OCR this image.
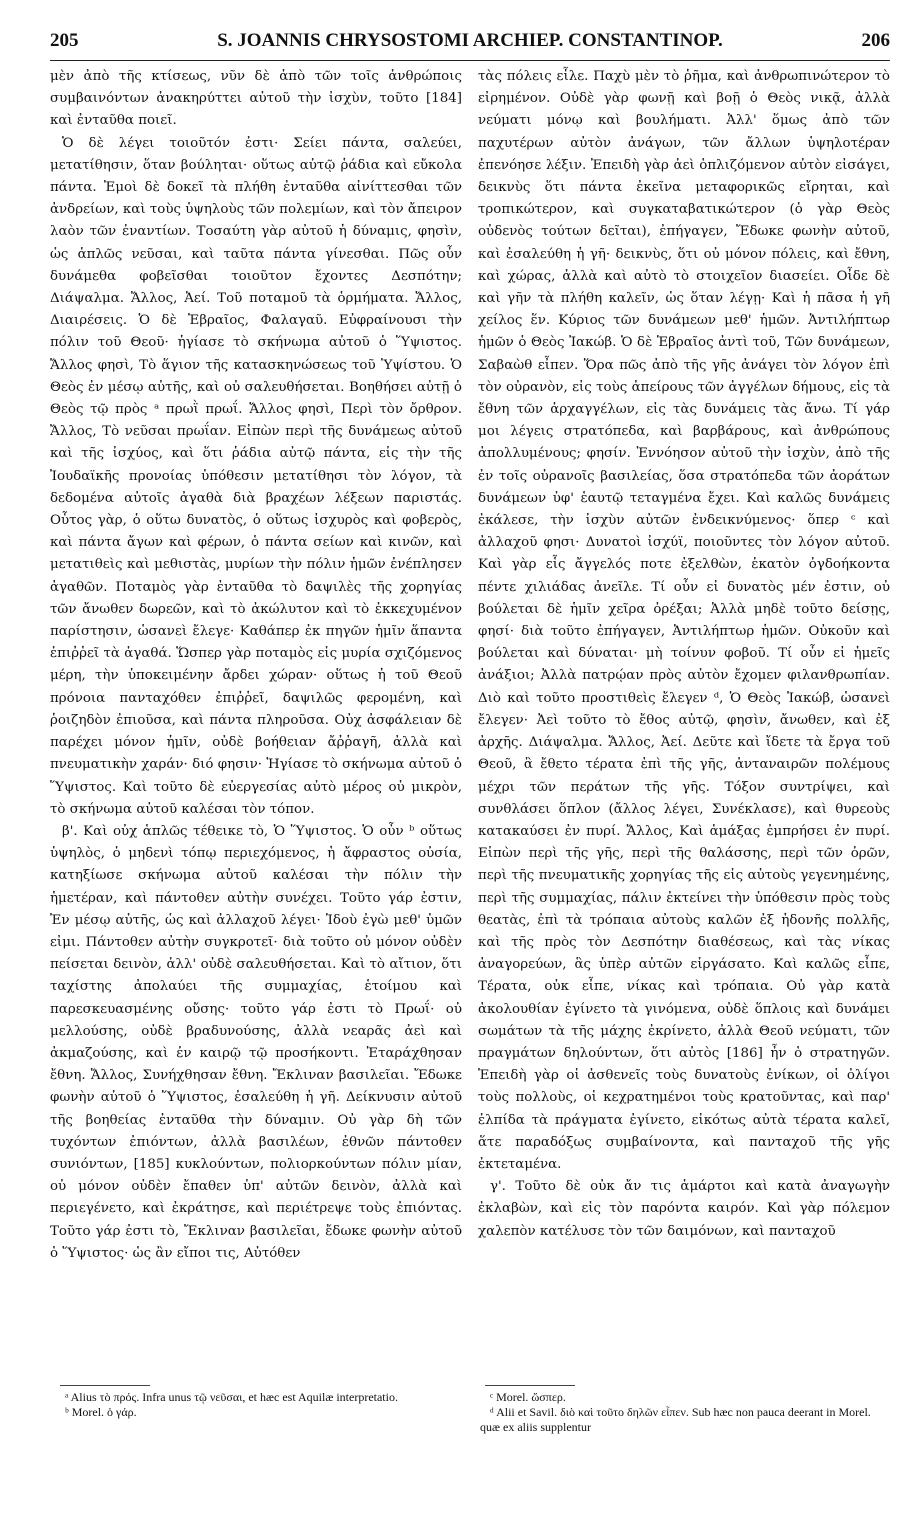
205	S. JOANNIS CHRYSOSTOMI ARCHIEP. CONSTANTINOP.	206

μὲν ἀπὸ τῆς κτίσεως, νῦν δὲ ἀπὸ τῶν τοῖς ἀνθρώποις συμβαινόντων ἀνακηρύττει αὐτοῦ τὴν ἰσχὺν, τοῦτο [184] καὶ ἐνταῦθα ποιεῖ.

Ὁ δὲ λέγει τοιοῦτόν ἐστι· Σείει πάντα, σαλεύει, μετατίθησιν, ὅταν βούληται· οὕτως αὐτῷ ῥάδια καὶ εὔκολα πάντα. Ἐμοὶ δὲ δοκεῖ τὰ πλήθη ἐνταῦθα αἰνίττεσθαι τῶν ἀνδρείων, καὶ τοὺς ὑψηλοὺς τῶν πολεμίων, καὶ τὸν ἄπειρον λαὸν τῶν ἐναντίων. Τοσαύτη γὰρ αὐτοῦ ἡ δύναμις, φησὶν, ὡς ἁπλῶς νεῦσαι, καὶ ταῦτα πάντα γίνεσθαι. Πῶς οὖν δυνάμεθα φοβεῖσθαι τοιοῦτον ἔχοντες Δεσπότην; Διάψαλμα. Ἄλλος, Ἀεί. Τοῦ ποταμοῦ τὰ ὁρμήματα. Ἄλλος, Διαιρέσεις. Ὁ δὲ Ἑβραῖος, Φαλαγαῦ. Εὐφραίνουσι τὴν πόλιν τοῦ Θεοῦ· ἡγίασε τὸ σκήνωμα αὐτοῦ ὁ Ὕψιστος. Ἄλλος φησὶ, Τὸ ἅγιον τῆς κατασκηνώσεως τοῦ Ὑψίστου. Ὁ Θεὸς ἐν μέσῳ αὐτῆς, καὶ οὐ σαλευθήσεται. Βοηθήσει αὐτῇ ὁ Θεὸς τῷ πρὸς ᵃ πρωῒ πρωΐ. Ἄλλος φησὶ, Περὶ τὸν ὄρθρον. Ἄλλος, Τὸ νεῦσαι πρωΐαν. Εἰπὼν περὶ τῆς δυνάμεως αὐτοῦ καὶ τῆς ἰσχύος, καὶ ὅτι ῥάδια αὐτῷ πάντα, εἰς τὴν τῆς Ἰουδαϊκῆς προνοίας ὑπόθεσιν μετατίθησι τὸν λόγον, τὰ δεδομένα αὐτοῖς ἀγαθὰ διὰ βραχέων λέξεων παριστάς. Οὗτος γὰρ, ὁ οὕτω δυνατὸς, ὁ οὕτως ἰσχυρὸς καὶ φοβερὸς, καὶ πάντα ἄγων καὶ φέρων, ὁ πάντα σείων καὶ κινῶν, καὶ μετατιθεὶς καὶ μεθιστὰς, μυρίων τὴν πόλιν ἡμῶν ἐνέπλησεν ἀγαθῶν. Ποταμὸς γὰρ ἐνταῦθα τὸ δαψιλὲς τῆς χορηγίας τῶν ἄνωθεν δωρεῶν, καὶ τὸ ἀκώλυτον καὶ τὸ ἐκκεχυμένον παρίστησιν, ὡσανεὶ ἔλεγε· Καθάπερ ἐκ πηγῶν ἡμῖν ἅπαντα ἐπιῤῥεῖ τὰ ἀγαθά. Ὥσπερ γὰρ ποταμὸς εἰς μυρία σχιζόμενος μέρη, τὴν ὑποκειμένην ἄρδει χώραν· οὕτως ἡ τοῦ Θεοῦ πρόνοια πανταχόθεν ἐπιῤῥεῖ, δαψιλῶς φερομένη, καὶ ῥοιζηδὸν ἐπιοῦσα, καὶ πάντα πληροῦσα. Οὐχ ἀσφάλειαν δὲ παρέχει μόνον ἡμῖν, οὐδὲ βοήθειαν ἄῤῥαγῆ, ἀλλὰ καὶ πνευματικὴν χαράν· διό φησιν· Ἡγίασε τὸ σκήνωμα αὐτοῦ ὁ Ὕψιστος. Καὶ τοῦτο δὲ εὐεργεσίας αὐτὸ μέρος οὐ μικρὸν, τὸ σκήνωμα αὐτοῦ καλέσαι τὸν τόπον.

β'. Καὶ οὐχ ἁπλῶς τέθεικε τὸ, Ὁ Ὕψιστος. Ὁ οὖν ᵇ οὕτως ὑψηλὸς, ὁ μηδενὶ τόπῳ περιεχόμενος, ἡ ἄφραστος οὐσία, κατηξίωσε σκήνωμα αὐτοῦ καλέσαι τὴν πόλιν τὴν ἡμετέραν, καὶ πάντοθεν αὐτὴν συνέχει. Τοῦτο γάρ ἐστιν, Ἐν μέσῳ αὐτῆς, ὡς καὶ ἀλλαχοῦ λέγει· Ἰδοὺ ἐγὼ μεθ' ὑμῶν εἰμι. Πάντοθεν αὐτὴν συγκροτεῖ· διὰ τοῦτο οὐ μόνον οὐδὲν πείσεται δεινὸν, ἀλλ' οὐδὲ σαλευθήσεται. Καὶ τὸ αἴτιον, ὅτι ταχίστης ἀπολαύει τῆς συμμαχίας, ἑτοίμου καὶ παρεσκευασμένης οὔσης· τοῦτο γάρ ἐστι τὸ Πρωΐ· οὐ μελλούσης, οὐδὲ βραδυνούσης, ἀλλὰ νεαρᾶς ἀεὶ καὶ ἀκμαζούσης, καὶ ἐν καιρῷ τῷ προσήκοντι. Ἐταράχθησαν ἔθνη. Ἄλλος, Συνήχθησαν ἔθνη. Ἔκλιναν βασιλεῖαι. Ἔδωκε φωνὴν αὐτοῦ ὁ Ὕψιστος, ἐσαλεύθη ἡ γῆ. Δείκνυσιν αὐτοῦ τῆς βοηθείας ἐνταῦθα τὴν δύναμιν. Οὐ γὰρ δὴ τῶν τυχόντων ἐπιόντων, ἀλλὰ βασιλέων, ἐθνῶν πάντοθεν συνιόντων, [185] κυκλούντων, πολιορκούντων πόλιν μίαν, οὐ μόνον οὐδὲν ἔπαθεν ὑπ' αὐτῶν δεινὸν, ἀλλὰ καὶ περιεγένετο, καὶ ἐκράτησε, καὶ περιέτρεψε τοὺς ἐπιόντας. Τοῦτο γάρ ἐστι τὸ, Ἔκλιναν βασιλεῖαι, ἔδωκε φωνὴν αὐτοῦ ὁ Ὕψιστος· ὡς ἂν εἴποι τις, Αὐτόθεν

τὰς πόλεις εἷλε. Παχὺ μὲν τὸ ῥῆμα, καὶ ἀνθρωπινώτερον τὸ εἰρημένον. Οὐδὲ γὰρ φωνῇ καὶ βοῇ ὁ Θεὸς νικᾷ, ἀλλὰ νεύματι μόνῳ καὶ βουλήματι. Ἀλλ' ὅμως ἀπὸ τῶν παχυτέρων αὐτὸν ἀνάγων, τῶν ἄλλων ὑψηλοτέραν ἐπενόησε λέξιν. Ἐπειδὴ γὰρ ἀεὶ ὁπλιζόμενον αὐτὸν εἰσάγει, δεικνὺς ὅτι πάντα ἐκεῖνα μεταφορικῶς εἴρηται, καὶ τροπικώτερον, καὶ συγκαταβατικώτερον (ὁ γὰρ Θεὸς οὐδενὸς τούτων δεῖται), ἐπήγαγεν, Ἔδωκε φωνὴν αὐτοῦ, καὶ ἐσαλεύθη ἡ γῆ· δεικνὺς, ὅτι οὐ μόνον πόλεις, καὶ ἔθνη, καὶ χώρας, ἀλλὰ καὶ αὐτὸ τὸ στοιχεῖον διασείει. Οἶδε δὲ καὶ γῆν τὰ πλήθη καλεῖν, ὡς ὅταν λέγῃ· Καὶ ἡ πᾶσα ἡ γῆ χείλος ἕν. Κύριος τῶν δυνάμεων μεθ' ἡμῶν. Ἀντιλήπτωρ ἡμῶν ὁ Θεὸς Ἰακώβ. Ὁ δὲ Ἑβραῖος ἀντὶ τοῦ, Τῶν δυνάμεων, Σαβαὼθ εἶπεν. Ὅρα πῶς ἀπὸ τῆς γῆς ἀνάγει τὸν λόγον ἐπὶ τὸν οὐρανὸν, εἰς τοὺς ἀπείρους τῶν ἀγγέλων δήμους, εἰς τὰ ἔθνη τῶν ἀρχαγγέλων, εἰς τὰς δυνάμεις τὰς ἄνω. Τί γάρ μοι λέγεις στρατόπεδα, καὶ βαρβάρους, καὶ ἀνθρώπους ἀπολλυμένους; φησίν. Ἐννόησον αὐτοῦ τὴν ἰσχὺν, ἀπὸ τῆς ἐν τοῖς οὐρανοῖς βασιλείας, ὅσα στρατόπεδα τῶν ἀοράτων δυνάμεων ὑφ' ἑαυτῷ τεταγμένα ἔχει. Καὶ καλῶς δυνάμεις ἐκάλεσε, τὴν ἰσχὺν αὐτῶν ἐνδεικνύμενος· ὅπερ ᶜ καὶ ἀλλαχοῦ φησι· Δυνατοὶ ἰσχύϊ, ποιοῦντες τὸν λόγον αὐτοῦ. Καὶ γὰρ εἷς ἄγγελός ποτε ἐξελθὼν, ἑκατὸν ὀγδοήκοντα πέντε χιλιάδας ἀνεῖλε. Τί οὖν εἰ δυνατὸς μέν ἐστιν, οὐ βούλεται δὲ ἡμῖν χεῖρα ὀρέξαι; Ἀλλὰ μηδὲ τοῦτο δείσῃς, φησί· διὰ τοῦτο ἐπήγαγεν, Ἀντιλήπτωρ ἡμῶν. Οὐκοῦν καὶ βούλεται καὶ δύναται· μὴ τοίνυν φοβοῦ. Τί οὖν εἰ ἡμεῖς ἀνάξιοι; Ἀλλὰ πατρῴαν πρὸς αὐτὸν ἔχομεν φιλανθρωπίαν. Διὸ καὶ τοῦτο προστιθεὶς ἔλεγεν ᵈ, Ὁ Θεὸς Ἰακώβ, ὡσανεὶ ἔλεγεν· Ἀεὶ τοῦτο τὸ ἔθος αὐτῷ, φησὶν, ἄνωθεν, καὶ ἐξ ἀρχῆς. Διάψαλμα. Ἄλλος, Ἀεί. Δεῦτε καὶ ἴδετε τὰ ἔργα τοῦ Θεοῦ, ἃ ἔθετο τέρατα ἐπὶ τῆς γῆς, ἀνταναιρῶν πολέμους μέχρι τῶν περάτων τῆς γῆς. Τόξον συντρίψει, καὶ συνθλάσει ὅπλον (ἄλλος λέγει, Συνέκλασε), καὶ θυρεοὺς κατακαύσει ἐν πυρί. Ἄλλος, Καὶ ἁμάξας ἐμπρήσει ἐν πυρί. Εἰπὼν περὶ τῆς γῆς, περὶ τῆς θαλάσσης, περὶ τῶν ὀρῶν, περὶ τῆς πνευματικῆς χορηγίας τῆς εἰς αὐτοὺς γεγενημένης, περὶ τῆς συμμαχίας, πάλιν ἐκτείνει τὴν ὑπόθεσιν πρὸς τοὺς θεατὰς, ἐπὶ τὰ τρόπαια αὐτοὺς καλῶν ἐξ ἡδονῆς πολλῆς, καὶ τῆς πρὸς τὸν Δεσπότην διαθέσεως, καὶ τὰς νίκας ἀναγορεύων, ἃς ὑπὲρ αὐτῶν εἰργάσατο. Καὶ καλῶς εἶπε, Τέρατα, οὐκ εἶπε, νίκας καὶ τρόπαια. Οὐ γὰρ κατὰ ἀκολουθίαν ἐγίνετο τὰ γινόμενα, οὐδὲ ὅπλοις καὶ δυνάμει σωμάτων τὰ τῆς μάχης ἐκρίνετο, ἀλλὰ Θεοῦ νεύματι, τῶν πραγμάτων δηλούντων, ὅτι αὐτὸς [186] ἦν ὁ στρατηγῶν. Ἐπειδὴ γὰρ οἱ ἀσθενεῖς τοὺς δυνατοὺς ἐνίκων, οἱ ὀλίγοι τοὺς πολλοὺς, οἱ κεχρατημένοι τοὺς κρατοῦντας, καὶ παρ' ἐλπίδα τὰ πράγματα ἐγίνετο, εἰκότως αὐτὰ τέρατα καλεῖ, ἅτε παραδόξως συμβαίνοντα, καὶ πανταχοῦ τῆς γῆς ἐκτεταμένα.

γ'. Τοῦτο δὲ οὐκ ἄν τις ἁμάρτοι καὶ κατὰ ἀναγωγὴν ἐκλαβὼν, καὶ εἰς τὸν παρόντα καιρόν. Καὶ γὰρ πόλεμον χαλεπὸν κατέλυσε τὸν τῶν δαιμόνων, καὶ πανταχοῦ

ᵃ Alius τὸ πρός. Infra unus τῷ νεῦσαι, et hæc est Aquilæ interpretatio.

ᵇ Morel. ὁ γάρ.

ᶜ Morel. ὥσπερ.

ᵈ Alii et Savil. διὸ καὶ τοῦτο δηλῶν εἶπεν. Sub hæc non pauca deerant in Morel. quæ ex aliis supplentur
